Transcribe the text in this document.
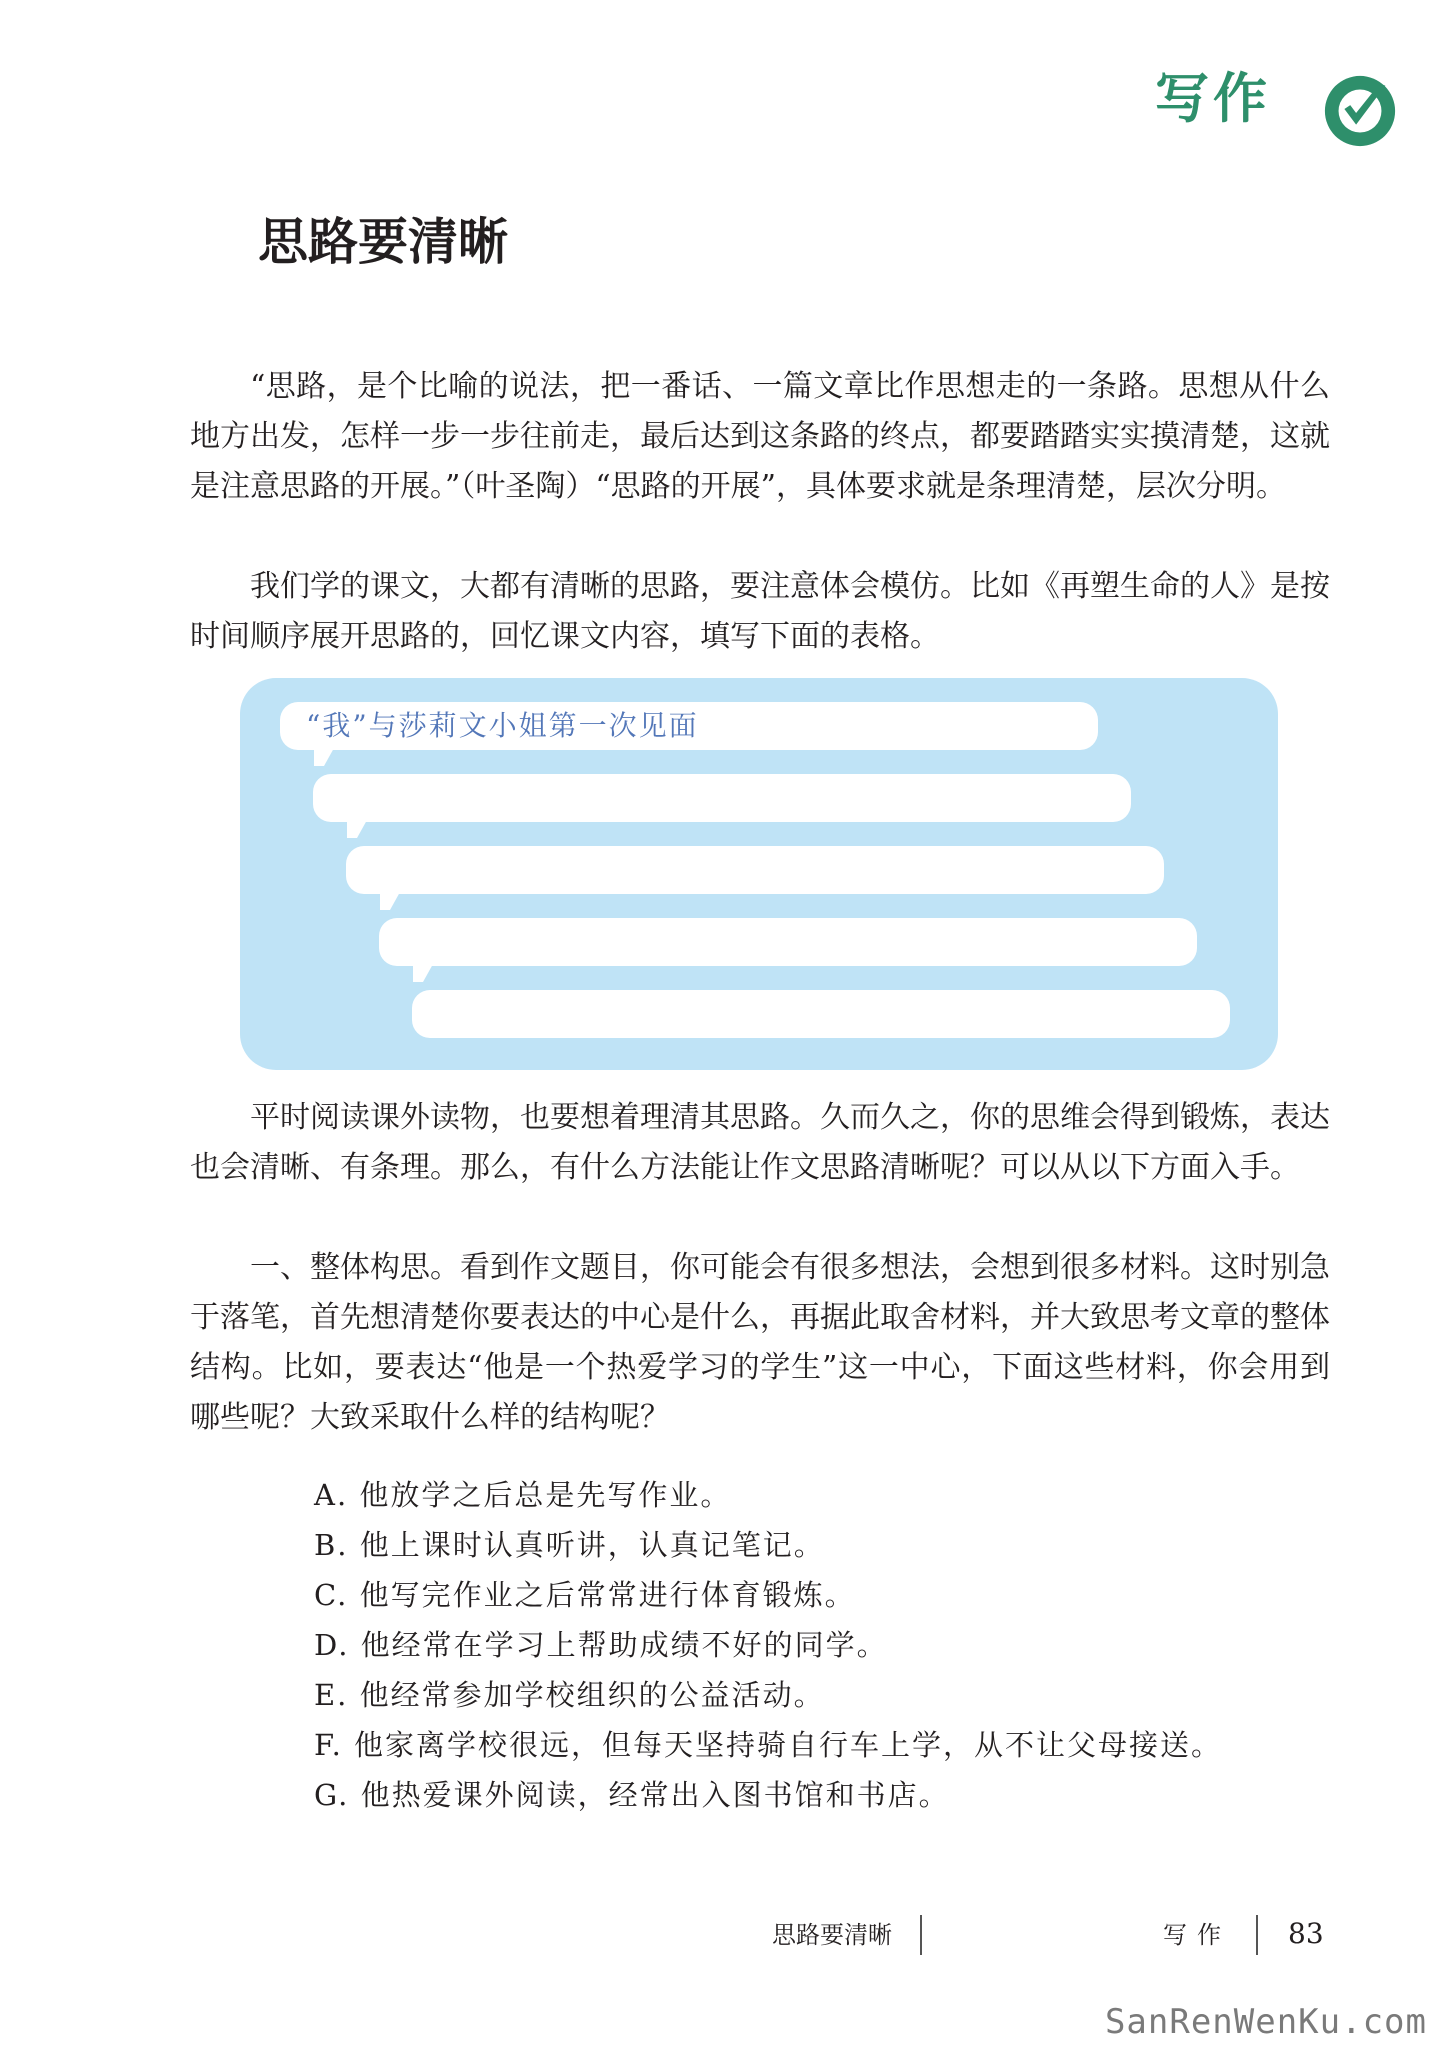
写作
思路要清晰

“思路，是个比喻的说法，把一番话、一篇文章比作思想走的一条路。思想从什么地方出发，怎样一步一步往前走，最后达到这条路的终点，都要踏踏实实摸清楚，这就是注意思路的开展。”（叶圣陶）“思路的开展”，具体要求就是条理清楚，层次分明。

我们学的课文，大都有清晰的思路，要注意体会模仿。比如《再塑生命的人》是按时间顺序展开思路的，回忆课文内容，填写下面的表格。

“我”与莎莉文小姐第一次见面

平时阅读课外读物，也要想着理清其思路。久而久之，你的思维会得到锻炼，表达也会清晰、有条理。那么，有什么方法能让作文思路清晰呢？可以从以下方面入手。

一、整体构思。看到作文题目，你可能会有很多想法，会想到很多材料。这时别急于落笔，首先想清楚你要表达的中心是什么，再据此取舍材料，并大致思考文章的整体结构。比如，要表达“他是一个热爱学习的学生”这一中心，下面这些材料，你会用到哪些呢？大致采取什么样的结构呢？

A. 他放学之后总是先写作业。
B. 他上课时认真听讲，认真记笔记。
C. 他写完作业之后常常进行体育锻炼。
D. 他经常在学习上帮助成绩不好的同学。
E. 他经常参加学校组织的公益活动。
F. 他家离学校很远，但每天坚持骑自行车上学，从不让父母接送。
G. 他热爱课外阅读，经常出入图书馆和书店。
思路要清晰	写作 83
SanRenWenKu.com
